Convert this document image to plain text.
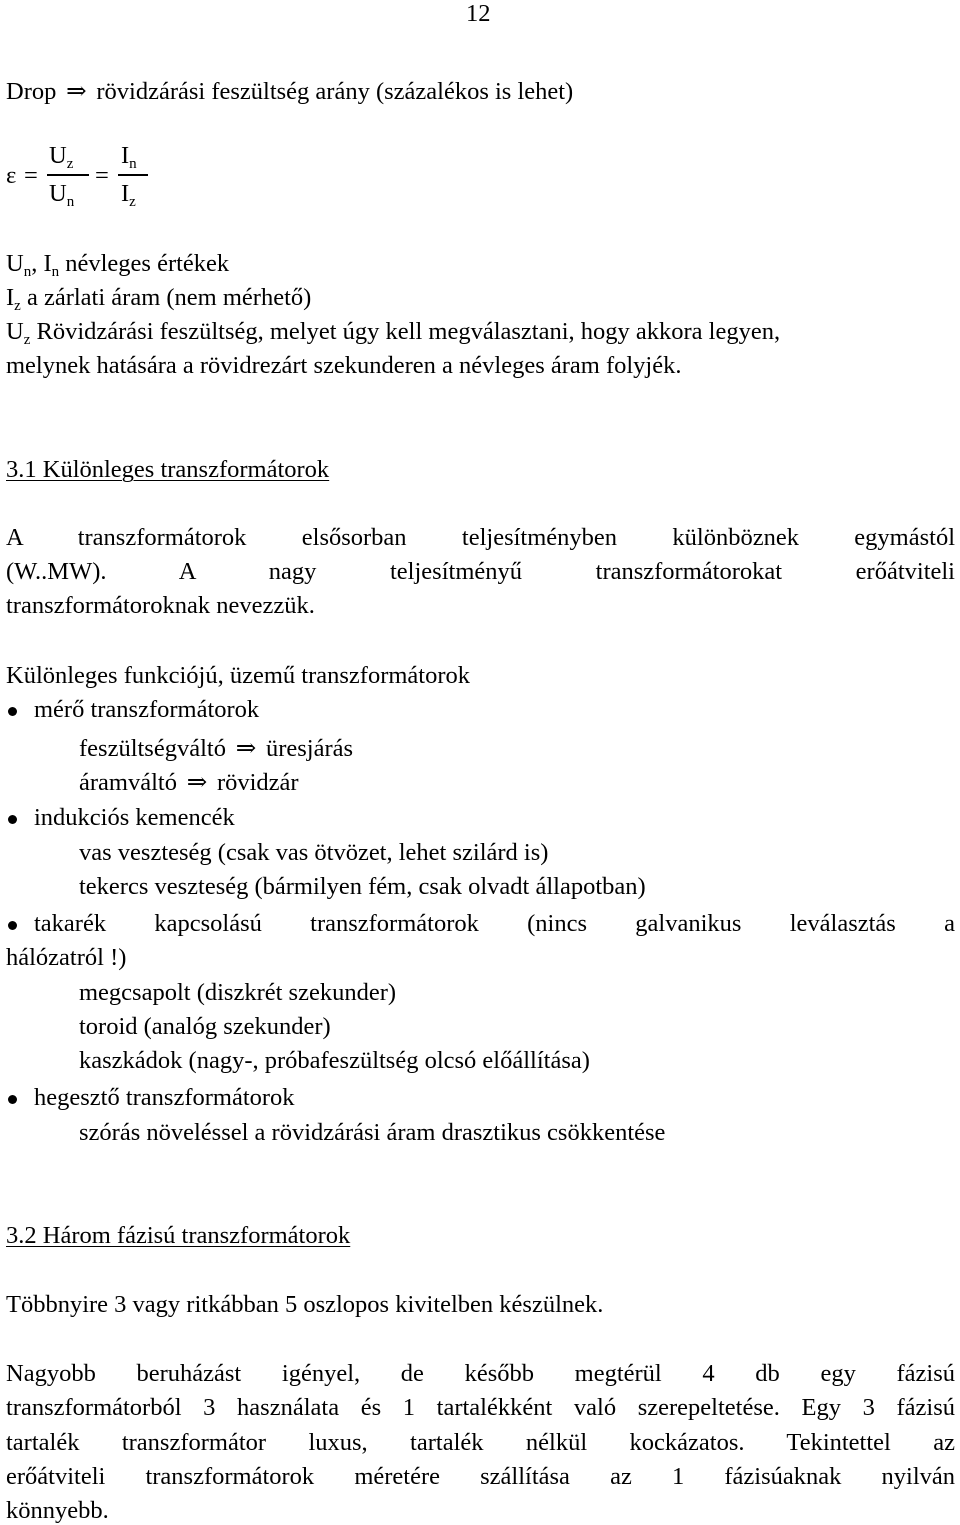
12
Drop ⇒ rövidzárási feszültség arány (százalékos is lehet)
ε =
$U_z$
$U_n$
=
$I_n$
$I_z$
$U_n$, $I_n$ névleges értékek
$I_z$ a zárlati áram (nem mérhető)
$U_z$ Rövidzárási feszültség, melyet úgy kell megválasztani, hogy akkora legyen,
melynek hatására a rövidrezárt szekunderen a névleges áram folyjék.
3.1 Különleges transzformátorok
A transzformátorok elsősorban teljesítményben különböznek egymástól
(W..MW). A nagy teljesítményű transzformátorokat erőátviteli
transzformátoroknak nevezzük.
Különleges funkciójú, üzemű transzformátorok
mérő transzformátorok
feszültségváltó ⇒ üresjárás
áramváltó ⇒ rövidzár
indukciós kemencék
vas veszteség (csak vas ötvözet, lehet szilárd is)
tekercs veszteség (bármilyen fém, csak olvadt állapotban)
takarék kapcsolású transzformátorok (nincs galvanikus leválasztás a
hálózatról !)
megcsapolt (diszkrét szekunder)
toroid (analóg szekunder)
kaszkádok (nagy-, próbafeszültség olcsó előállítása)
hegesztő transzformátorok
szórás növeléssel a rövidzárási áram drasztikus csökkentése
3.2 Három fázisú transzformátorok
Többnyire 3 vagy ritkábban 5 oszlopos kivitelben készülnek.
Nagyobb beruházást igényel, de később megtérül 4 db egy fázisú
transzformátorból 3 használata és 1 tartalékként való szerepeltetése. Egy 3 fázisú
tartalék transzformátor luxus, tartalék nélkül kockázatos. Tekintettel az
erőátviteli transzformátorok méretére szállítása az 1 fázisúaknak nyilván
könnyebb.
